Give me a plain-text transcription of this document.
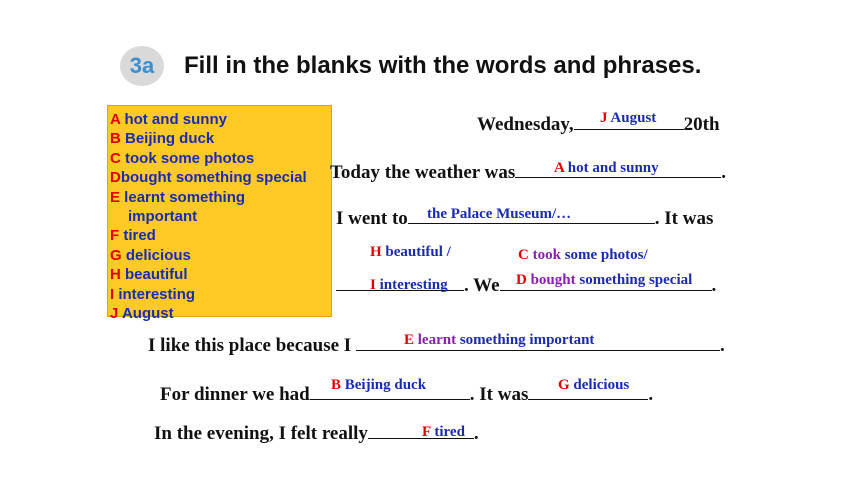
3a Fill in the blanks with the words and phrases.
A hot and sunny
B Beijing duck
C took some photos
Dbought something special
E learnt something
important
F tired
G delicious
H beautiful
I interesting
J August
Wednesday,	20th
J August
Today the weather was	.
A hot and sunny
I went to	. It was
the Palace Museum/…
H beautiful /	C took some photos/
. We	.
I interesting	D bought something special
I like this place because I	.
E learnt something important
For dinner we had	. It was	.
B Beijing duck	G delicious
In the evening, I felt really	.
F tired
